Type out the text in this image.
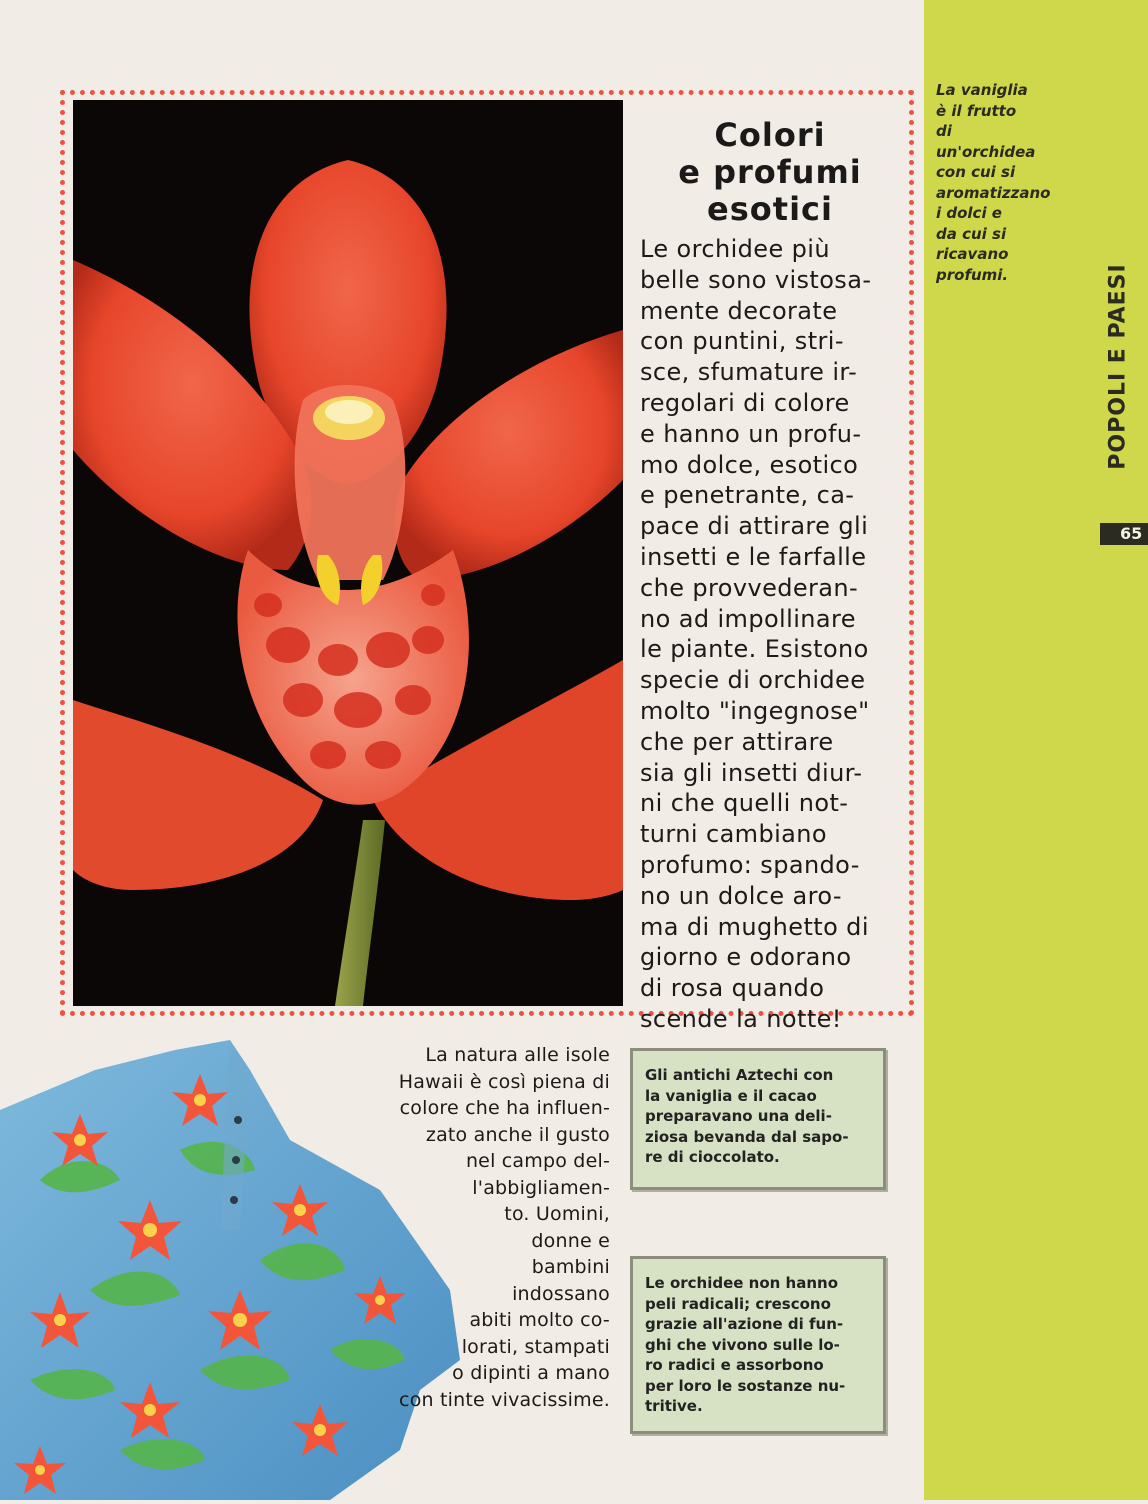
La vaniglia
è il frutto
di un'orchidea
con cui si
aromatizzano
i dolci e
da cui si
ricavano
profumi.	POPOLI E PAESI
65
Colori
e profumi
esotici

Le orchidee più
belle sono vistosa-
mente decorate
con puntini, stri-
sce, sfumature ir-
regolari di colore
e hanno un profu-
mo dolce, esotico
e penetrante, ca-
pace di attirare gli
insetti e le farfalle
che provvederan-
no ad impollinare
le piante. Esistono
specie di orchidee
molto "ingegnose"
che per attirare
sia gli insetti diur-
ni che quelli not-
turni cambiano
profumo: spando-
no un dolce aro-
ma di mughetto di
giorno e odorano
di rosa quando
scende la notte!

La natura alle isole
Hawaii è così piena di
colore che ha influen-
zato anche il gusto
nel campo del-
l'abbigliamen-
to. Uomini,
donne e
bambini
indossano
abiti molto co-
lorati, stampati
o dipinti a mano
con tinte vivacissime.

Gli antichi Aztechi con
la vaniglia e il cacao
preparavano una deli-
ziosa bevanda dal sapo-
re di cioccolato.

Le orchidee non hanno
peli radicali; crescono
grazie all'azione di fun-
ghi che vivono sulle lo-
ro radici e assorbono
per loro le sostanze nu-
tritive.
